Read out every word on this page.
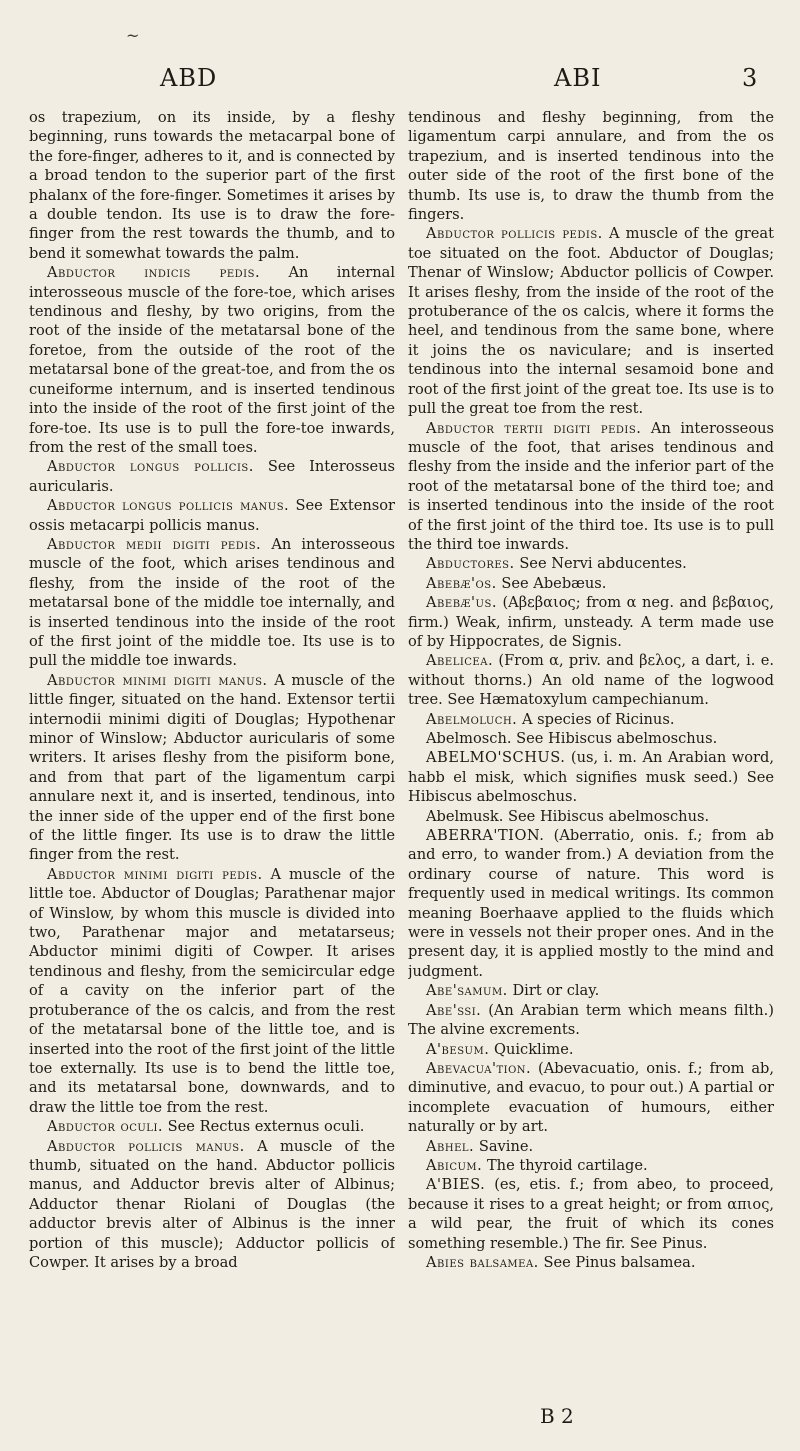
~
ABD	ABI	3

os trapezium, on its inside, by a fleshy beginning, runs towards the metacarpal bone of the fore-finger, adheres to it, and is connected by a broad tendon to the superior part of the first phalanx of the fore-finger. Sometimes it arises by a double tendon. Its use is to draw the fore-finger from the rest towards the thumb, and to bend it somewhat towards the palm.

Abductor indicis pedis. An internal interosseous muscle of the fore-toe, which arises tendinous and fleshy, by two origins, from the root of the inside of the metatarsal bone of the foretoe, from the outside of the root of the metatarsal bone of the great-toe, and from the os cuneiforme internum, and is inserted tendinous into the inside of the root of the first joint of the fore-toe. Its use is to pull the fore-toe inwards, from the rest of the small toes.

Abductor longus pollicis. See Interosseus auricularis.

Abductor longus pollicis manus. See Extensor ossis metacarpi pollicis manus.

Abductor medii digiti pedis. An interosseous muscle of the foot, which arises tendinous and fleshy, from the inside of the root of the metatarsal bone of the middle toe internally, and is inserted tendinous into the inside of the root of the first joint of the middle toe. Its use is to pull the middle toe inwards.

Abductor minimi digiti manus. A muscle of the little finger, situated on the hand. Extensor tertii internodii minimi digiti of Douglas; Hypothenar minor of Winslow; Abductor auricularis of some writers. It arises fleshy from the pisiform bone, and from that part of the ligamentum carpi annulare next it, and is inserted, tendinous, into the inner side of the upper end of the first bone of the little finger. Its use is to draw the little finger from the rest.

Abductor minimi digiti pedis. A muscle of the little toe. Abductor of Douglas; Parathenar major of Winslow, by whom this muscle is divided into two, Parathenar major and metatarseus; Abductor minimi digiti of Cowper. It arises tendinous and fleshy, from the semicircular edge of a cavity on the inferior part of the protuberance of the os calcis, and from the rest of the metatarsal bone of the little toe, and is inserted into the root of the first joint of the little toe externally. Its use is to bend the little toe, and its metatarsal bone, downwards, and to draw the little toe from the rest.

Abductor oculi. See Rectus externus oculi.

Abductor pollicis manus. A muscle of the thumb, situated on the hand. Abductor pollicis manus, and Adductor brevis alter of Albinus; Adductor thenar Riolani of Douglas (the adductor brevis alter of Albinus is the inner portion of this muscle); Adductor pollicis of Cowper. It arises by a broad

tendinous and fleshy beginning, from the ligamentum carpi annulare, and from the os trapezium, and is inserted tendinous into the outer side of the root of the first bone of the thumb. Its use is, to draw the thumb from the fingers.

Abductor pollicis pedis. A muscle of the great toe situated on the foot. Abductor of Douglas; Thenar of Winslow; Abductor pollicis of Cowper. It arises fleshy, from the inside of the root of the protuberance of the os calcis, where it forms the heel, and tendinous from the same bone, where it joins the os naviculare; and is inserted tendinous into the internal sesamoid bone and root of the first joint of the great toe. Its use is to pull the great toe from the rest.

Abductor tertii digiti pedis. An interosseous muscle of the foot, that arises tendinous and fleshy from the inside and the inferior part of the root of the metatarsal bone of the third toe; and is inserted tendinous into the inside of the root of the first joint of the third toe. Its use is to pull the third toe inwards.

Abductores. See Nervi abducentes.

Abebæ'os. See Abebæus.

Abebæ'us. (Αβεβαιος; from α neg. and βεβαιος, firm.) Weak, infirm, unsteady. A term made use of by Hippocrates, de Signis.

Abelicea. (From α, priv. and βελος, a dart, i. e. without thorns.) An old name of the logwood tree. See Hæmatoxylum campechianum.

Abelmoluch. A species of Ricinus.

Abelmosch. See Hibiscus abelmoschus.

ABELMO'SCHUS. (us, i. m. An Arabian word, habb el misk, which signifies musk seed.) See Hibiscus abelmoschus.

Abelmusk. See Hibiscus abelmoschus.

ABERRA'TION. (Aberratio, onis. f.; from ab and erro, to wander from.) A deviation from the ordinary course of nature. This word is frequently used in medical writings. Its common meaning Boerhaave applied to the fluids which were in vessels not their proper ones. And in the present day, it is applied mostly to the mind and judgment.

Abe'samum. Dirt or clay.

Abe'ssi. (An Arabian term which means filth.) The alvine excrements.

A'besum. Quicklime.

Abevacua'tion. (Abevacuatio, onis. f.; from ab, diminutive, and evacuo, to pour out.) A partial or incomplete evacuation of humours, either naturally or by art.

Abhel. Savine.

Abicum. The thyroid cartilage.

A'BIES. (es, etis. f.; from abeo, to proceed, because it rises to a great height; or from απιος, a wild pear, the fruit of which its cones something resemble.) The fir. See Pinus.

Abies balsamea. See Pinus balsamea.

B 2
